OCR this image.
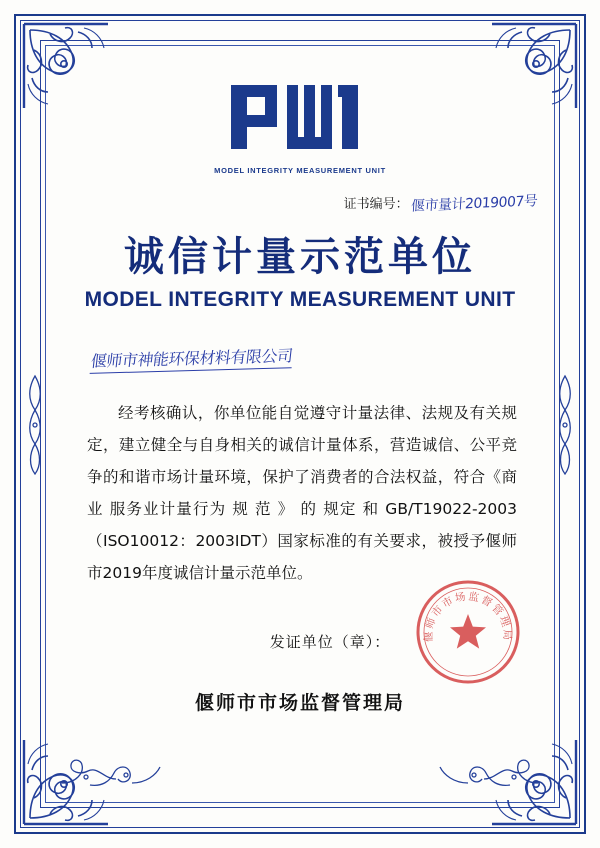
MODEL INTEGRITY MEASUREMENT UNIT
证书编号： 偃市量计2019007号
诚信计量示范单位
MODEL INTEGRITY MEASUREMENT UNIT
偃师市神能环保材料有限公司

经考核确认，你单位能自觉遵守计量法律、法规及有关规定，建立健全与自身相关的诚信计量体系，营造诚信、公平竞争的和谐市场计量环境，保护了消费者的合法权益，符合《商业 服务业计量行为 规 范 》 的 规定 和 GB/T19022-2003（ISO10012：2003IDT）国家标准的有关要求，被授予偃师市2019年度诚信计量示范单位。

发证单位（章）：
偃师市市场监督管理局
偃师市市场监督管理局
